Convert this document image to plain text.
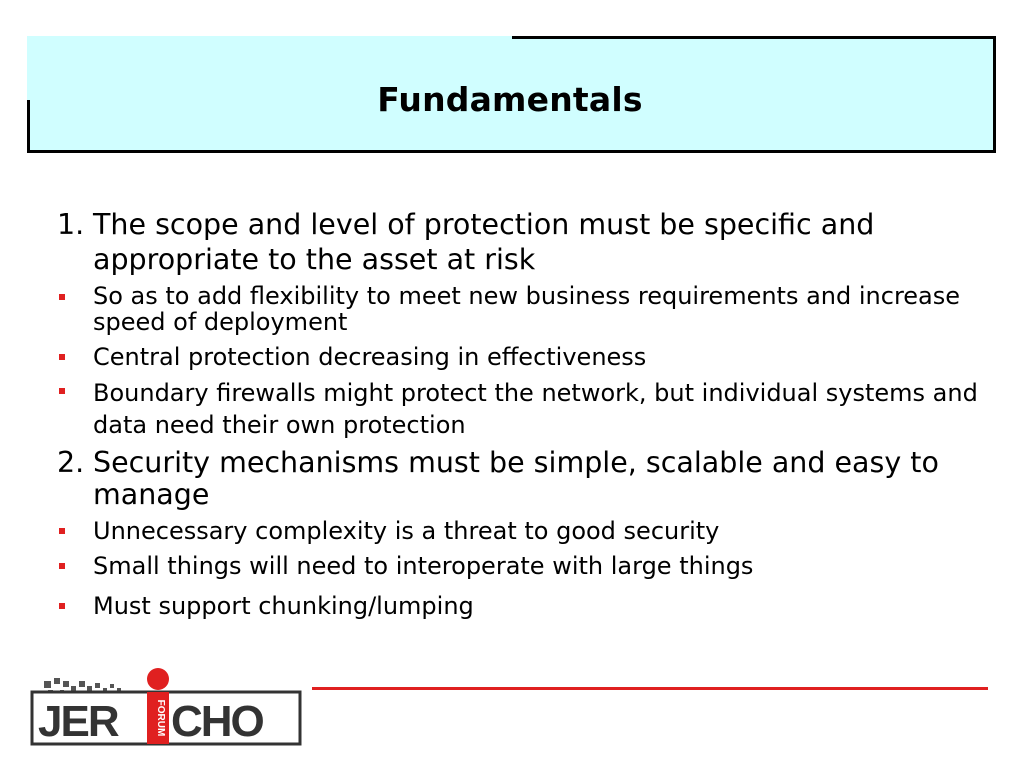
Fundamentals

1. The scope and level of protection must be specific and appropriate to the asset at risk

So as to add flexibility to meet new business requirements and increase speed of deployment
Central protection decreasing in effectiveness
Boundary firewalls might protect the network, but individual systems and data need their own protection

2. Security mechanisms must be simple, scalable and easy to manage

Unnecessary complexity is a threat to good security
Small things will need to interoperate with large things
Must support chunking/lumping
FORUM
JER CHO
